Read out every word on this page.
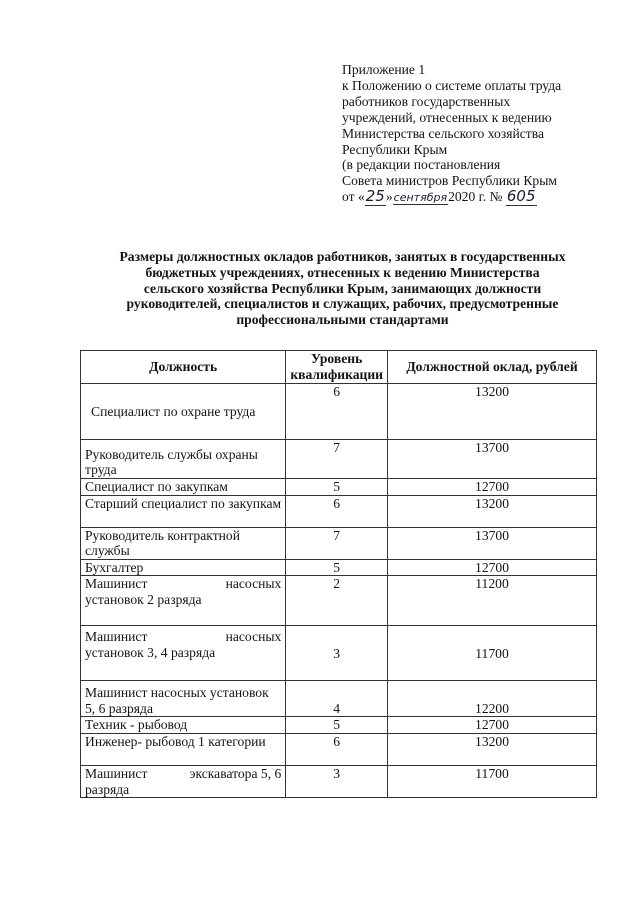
Приложение 1
к Положению о системе оплаты труда
работников государственных
учреждений, отнесенных к ведению
Министерства сельского хозяйства
Республики Крым
(в редакции постановления
Совета министров Республики Крым
от «25»сентября2020 г. № 605
Размеры должностных окладов работников, занятых в государственных
бюджетных учреждениях, отнесенных к ведению Министерства
сельского хозяйства Республики Крым, занимающих должности
руководителей, специалистов и служащих, рабочих, предусмотренные
профессиональными стандартами
Должность	Уровень квалификации	Должностной оклад, рублей
Специалист по охране труда	6	13200
Руководитель службы охраны труда	7	13700
Специалист по закупкам	5	12700
Старший специалист по закупкам	6	13200
Руководитель контрактной службы	7	13700
Бухгалтер	5	12700

Машинист насосных
установок 2 разряда	2	11200

Машинист насосных
установок 3, 4 разряда	3	11700
Машинист насосных установок 5, 6 разряда	4	12200
Техник - рыбовод	5	12700
Инженер- рыбовод 1 категории	6	13200

Машинист экскаватора 5, 6
разряда	3	11700
